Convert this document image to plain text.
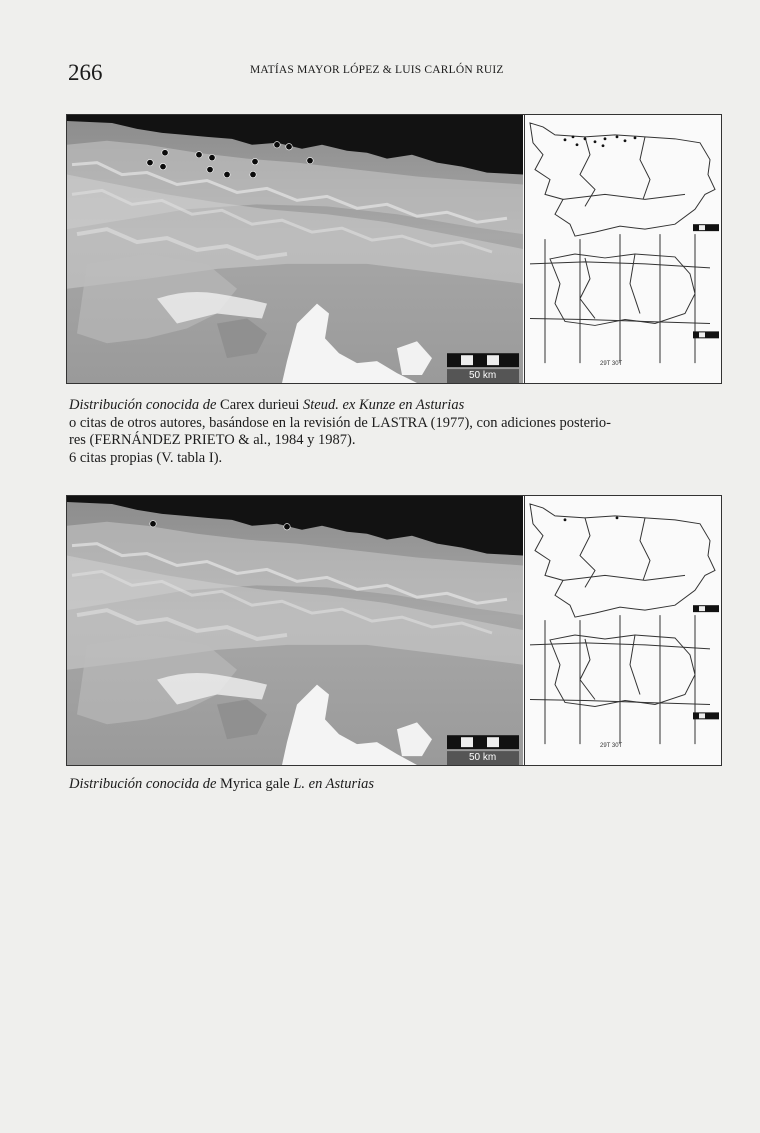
266	MATÍAS MAYOR LÓPEZ & LUIS CARLÓN RUIZ
50 km
29T 30T
Distribución conocida de Carex durieui Steud. ex Kunze en Asturias
o citas de otros autores, basándose en la revisión de LASTRA (1977), con adiciones posterio-
res (FERNÁNDEZ PRIETO & al., 1984 y 1987).
6 citas propias (V. tabla I).
50 km
29T 30T
Distribución conocida de Myrica gale L. en Asturias
